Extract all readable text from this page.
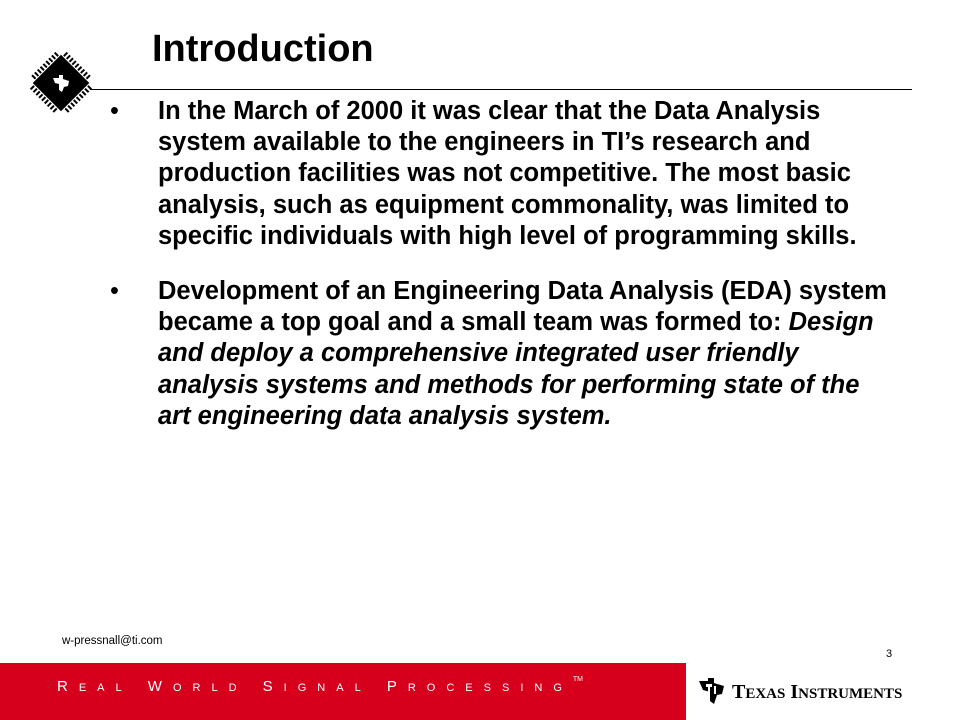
Introduction
• In the March of 2000 it was clear that the Data Analysis system available to the engineers in TI’s research and production facilities was not competitive. The most basic analysis, such as equipment commonality, was limited to specific individuals with high level of programming skills.
• Development of an Engineering Data Analysis (EDA) system became a top goal and a small team was formed to: Design and deploy a comprehensive integrated user friendly analysis systems and methods for performing state of the art engineering data analysis system.
w-pressnall@ti.com
3
Real World Signal Processing™
TEXAS INSTRUMENTS
